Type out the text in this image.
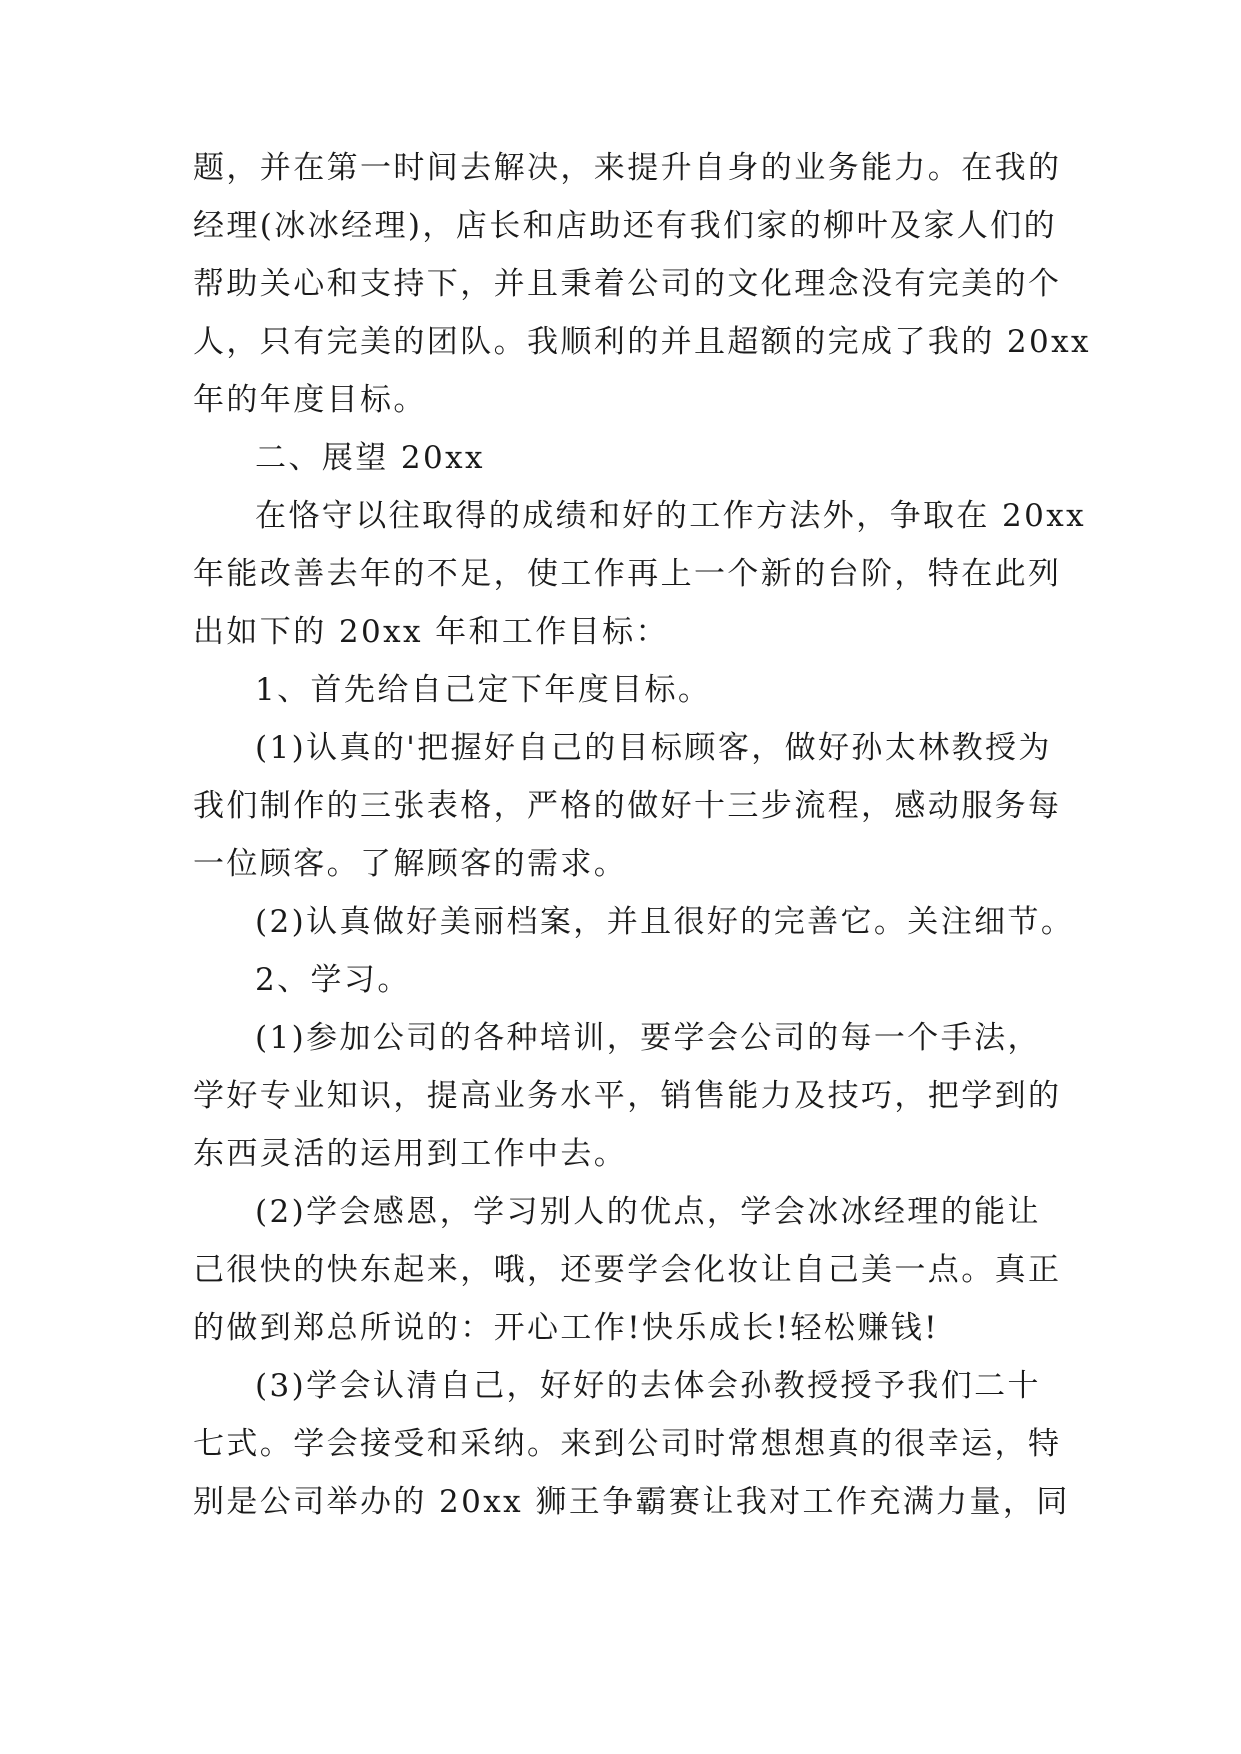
题，并在第一时间去解决，来提升自身的业务能力。在我的
经理(冰冰经理)，店长和店助还有我们家的柳叶及家人们的
帮助关心和支持下，并且秉着公司的文化理念没有完美的个
人，只有完美的团队。我顺利的并且超额的完成了我的 20xx
年的年度目标。
二、展望 20xx
在恪守以往取得的成绩和好的工作方法外，争取在 20xx
年能改善去年的不足，使工作再上一个新的台阶，特在此列
出如下的 20xx 年和工作目标：
1、首先给自己定下年度目标。
(1)认真的'把握好自己的目标顾客，做好孙太林教授为
我们制作的三张表格，严格的做好十三步流程，感动服务每
一位顾客。了解顾客的需求。
(2)认真做好美丽档案，并且很好的完善它。关注细节。
2、学习。
(1)参加公司的各种培训，要学会公司的每一个手法，
学好专业知识，提高业务水平，销售能力及技巧，把学到的
东西灵活的运用到工作中去。
(2)学会感恩，学习别人的优点，学会冰冰经理的能让
己很快的快东起来，哦，还要学会化妆让自己美一点。真正
的做到郑总所说的：开心工作!快乐成长!轻松赚钱!
(3)学会认清自己，好好的去体会孙教授授予我们二十
七式。学会接受和采纳。来到公司时常想想真的很幸运，特
别是公司举办的 20xx 狮王争霸赛让我对工作充满力量，同
